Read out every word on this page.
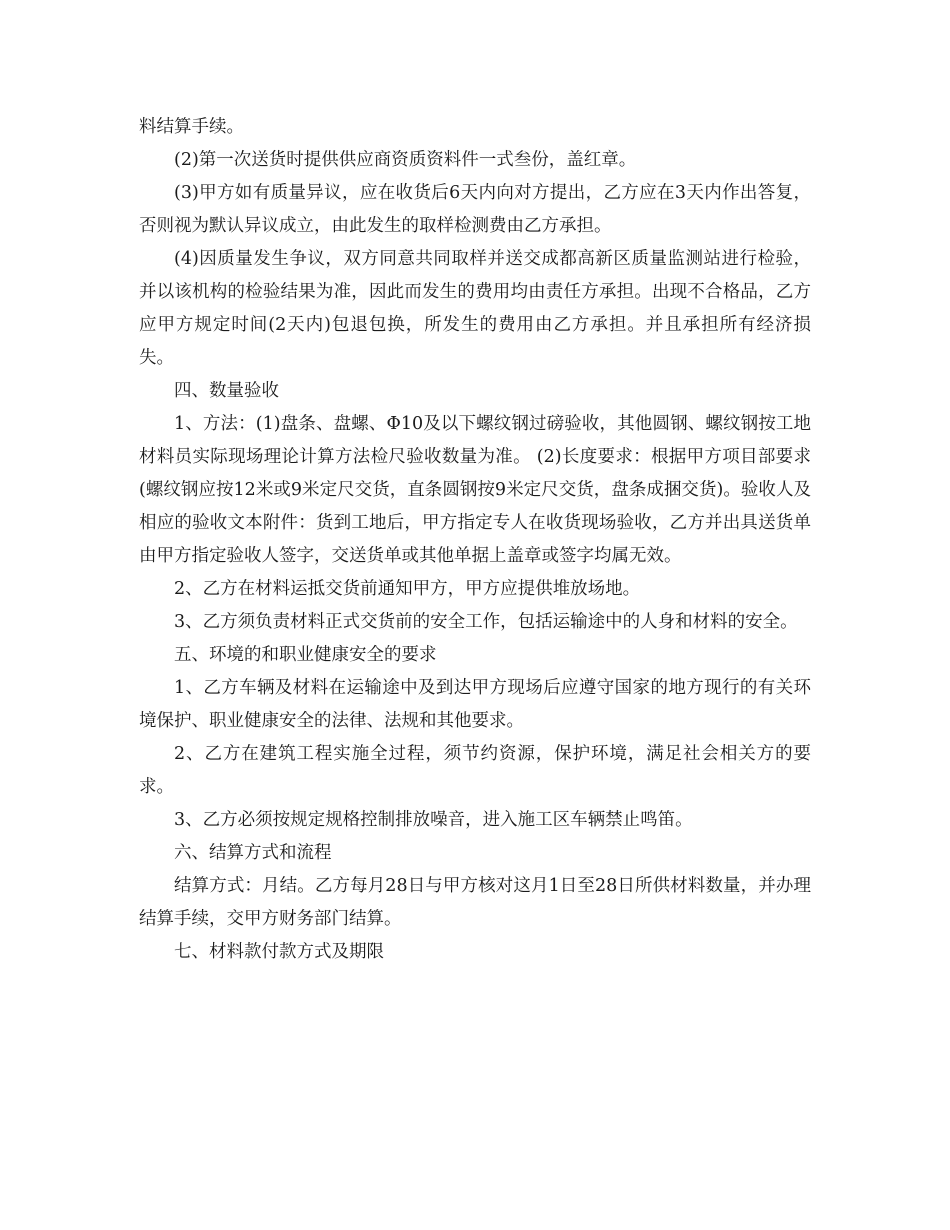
料结算手续。

(2)第一次送货时提供供应商资质资料件一式叁份，盖红章。

(3)甲方如有质量异议，应在收货后6天内向对方提出，乙方应在3天内作出答复，否则视为默认异议成立，由此发生的取样检测费由乙方承担。

(4)因质量发生争议，双方同意共同取样并送交成都高新区质量监测站进行检验，并以该机构的检验结果为准，因此而发生的费用均由责任方承担。出现不合格品，乙方应甲方规定时间(2天内)包退包换，所发生的费用由乙方承担。并且承担所有经济损失。

四、数量验收

1、方法：(1)盘条、盘螺、Φ10及以下螺纹钢过磅验收，其他圆钢、螺纹钢按工地材料员实际现场理论计算方法检尺验收数量为准。 (2)长度要求：根据甲方项目部要求(螺纹钢应按12米或9米定尺交货，直条圆钢按9米定尺交货，盘条成捆交货)。验收人及相应的验收文本附件：货到工地后，甲方指定专人在收货现场验收，乙方并出具送货单由甲方指定验收人签字，交送货单或其他单据上盖章或签字均属无效。

2、乙方在材料运抵交货前通知甲方，甲方应提供堆放场地。

3、乙方须负责材料正式交货前的安全工作，包括运输途中的人身和材料的安全。

五、环境的和职业健康安全的要求

1、乙方车辆及材料在运输途中及到达甲方现场后应遵守国家的地方现行的有关环境保护、职业健康安全的法律、法规和其他要求。

2、乙方在建筑工程实施全过程，须节约资源，保护环境，满足社会相关方的要求。

3、乙方必须按规定规格控制排放噪音，进入施工区车辆禁止鸣笛。

六、结算方式和流程

结算方式：月结。乙方每月28日与甲方核对这月1日至28日所供材料数量，并办理结算手续，交甲方财务部门结算。

七、材料款付款方式及期限
